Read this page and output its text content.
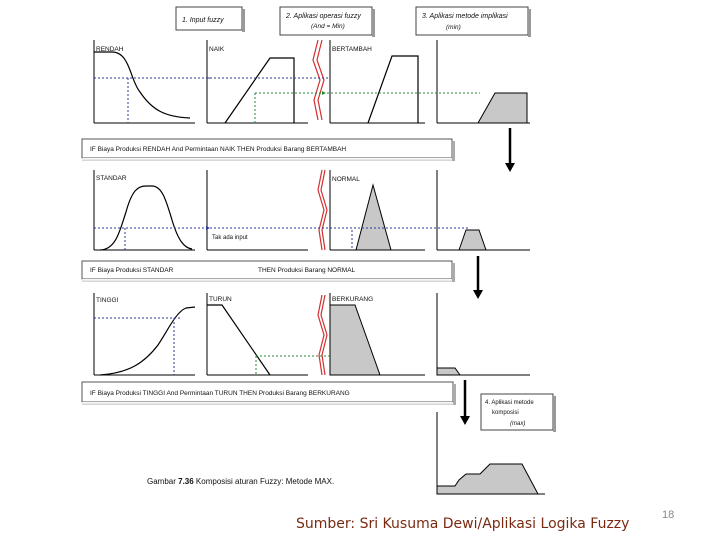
1. Input fuzzy
2. Aplikasi operasi fuzzy
(And = Min)
3. Aplikasi metode implikasi
(min)
RENDAH	NAIK	BERTAMBAH
IF Biaya Produksi RENDAH And Permintaan NAIK THEN Produksi Barang BERTAMBAH
STANDAR
Tak ada input
NORMAL
IF Biaya Produksi STANDAR	THEN Produksi Barang NORMAL
TINGGI	TURUN	BERKURANG
IF Biaya Produksi TINGGI And Permintaan TURUN THEN Produksi Barang BERKURANG
4. Aplikasi metode
komposisi
(max)
Gambar 7.36 Komposisi aturan Fuzzy: Metode MAX.
Sumber: Sri Kusuma Dewi/Aplikasi Logika Fuzzy
18
